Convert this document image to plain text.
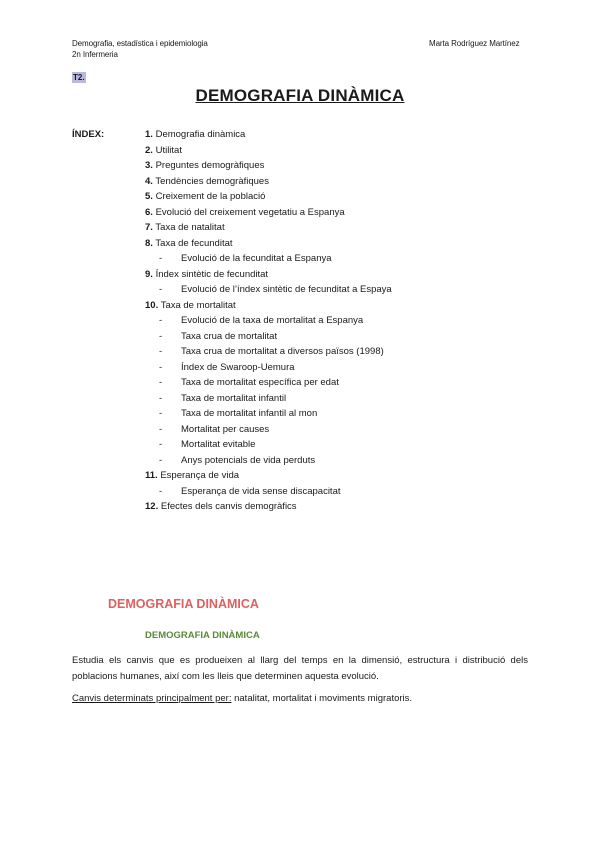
Demografia, estadística i epidemiologia
2n Infermeria
Marta Rodríguez Martínez
T2.
DEMOGRAFIA DINÀMICA
ÍNDEX:	1. Demografia dinàmica
2. Utilitat
3. Preguntes demogràfiques
4. Tendències demogràfiques
5. Creixement de la població
6. Evolució del creixement vegetatiu a Espanya
7. Taxa de natalitat
8. Taxa de fecunditat
- Evolució de la fecunditat a Espanya
9. Índex sintètic de fecunditat
- Evolució de l’índex sintètic de fecunditat a Espaya
10. Taxa de mortalitat
- Evolució de la taxa de mortalitat a Espanya
- Taxa crua de mortalitat
- Taxa crua de mortalitat a diversos països (1998)
- Índex de Swaroop-Uemura
- Taxa de mortalitat específica per edat
- Taxa de mortalitat infantil
- Taxa de mortalitat infantil al mon
- Mortalitat per causes
- Mortalitat evitable
- Anys potencials de vida perduts
11. Esperança de vida
- Esperança de vida sense discapacitat
12. Efectes dels canvis demogràfics
DEMOGRAFIA DINÀMICA
DEMOGRAFIA DINÀMICA
Estudia els canvis que es produeixen al llarg del temps en la dimensió, estructura i distribució dels poblacions humanes, així com les lleis que determinen aquesta evolució.
Canvis determinats principalment per: natalitat, mortalitat i moviments migratoris.
